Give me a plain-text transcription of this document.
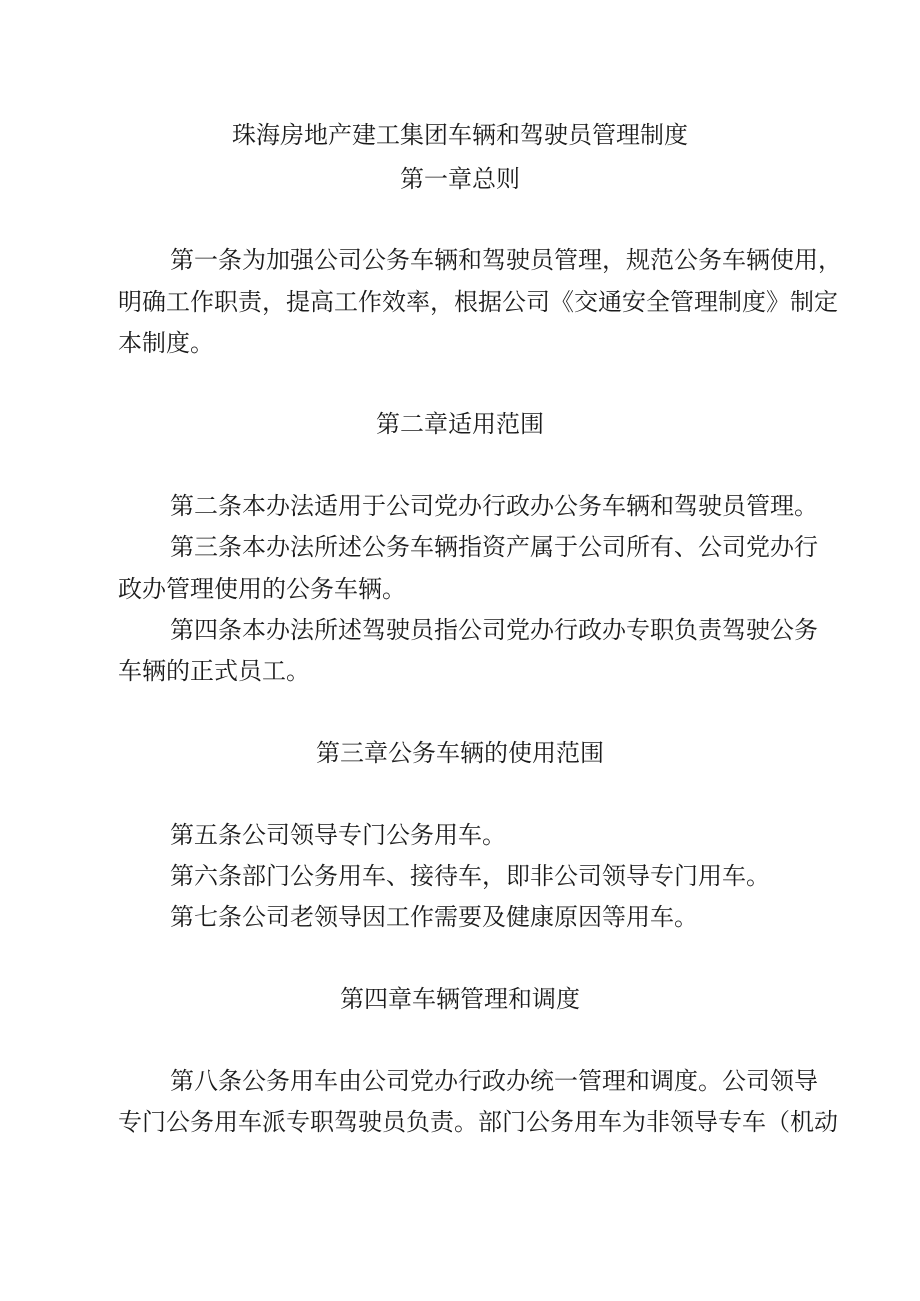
珠海房地产建工集团车辆和驾驶员管理制度
第一章总则
第一条为加强公司公务车辆和驾驶员管理，规范公务车辆使用，
明确工作职责，提高工作效率，根据公司《交通安全管理制度》制定
本制度。
第二章适用范围
第二条本办法适用于公司党办行政办公务车辆和驾驶员管理。
第三条本办法所述公务车辆指资产属于公司所有、公司党办行
政办管理使用的公务车辆。
第四条本办法所述驾驶员指公司党办行政办专职负责驾驶公务
车辆的正式员工。
第三章公务车辆的使用范围
第五条公司领导专门公务用车。
第六条部门公务用车、接待车，即非公司领导专门用车。
第七条公司老领导因工作需要及健康原因等用车。
第四章车辆管理和调度
第八条公务用车由公司党办行政办统一管理和调度。公司领导
专门公务用车派专职驾驶员负责。部门公务用车为非领导专车（机动
